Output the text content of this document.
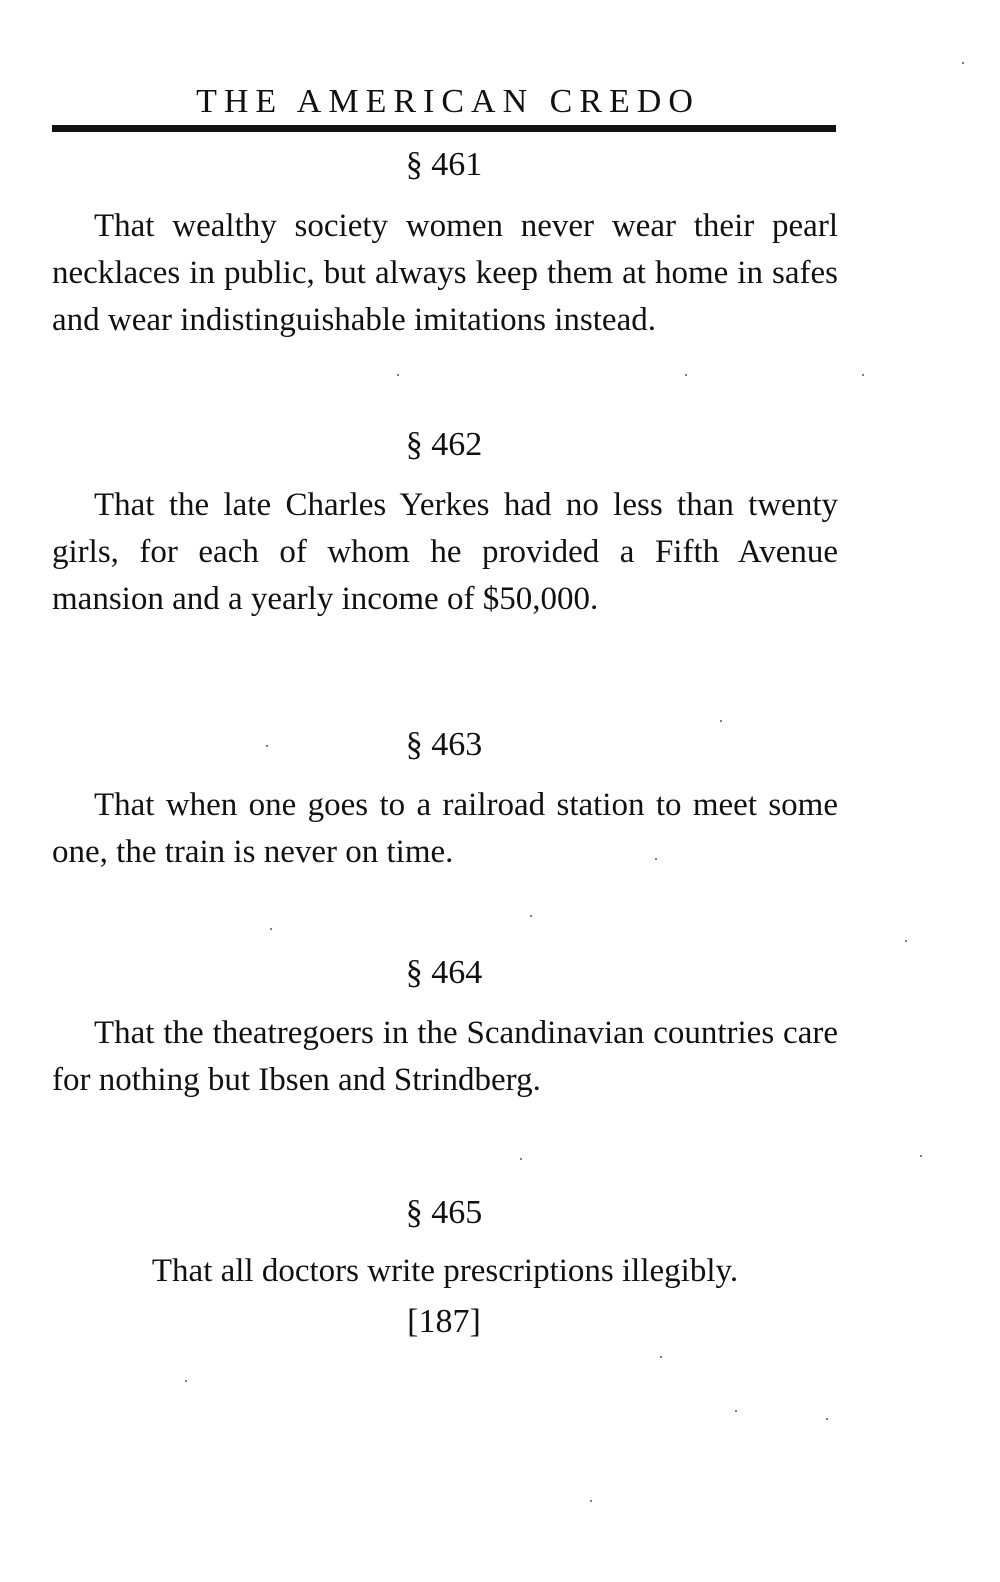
THE AMERICAN CREDO
§ 461
That wealthy society women never wear their pearl necklaces in public, but always keep them at home in safes and wear indistinguishable imitations instead.
§ 462
That the late Charles Yerkes had no less than twenty girls, for each of whom he provided a Fifth Avenue mansion and a yearly income of $50,000.
§ 463
That when one goes to a railroad station to meet some one, the train is never on time.
§ 464
That the theatregoers in the Scandinavian countries care for nothing but Ibsen and Strindberg.
§ 465
That all doctors write prescriptions illegibly.
[187]
